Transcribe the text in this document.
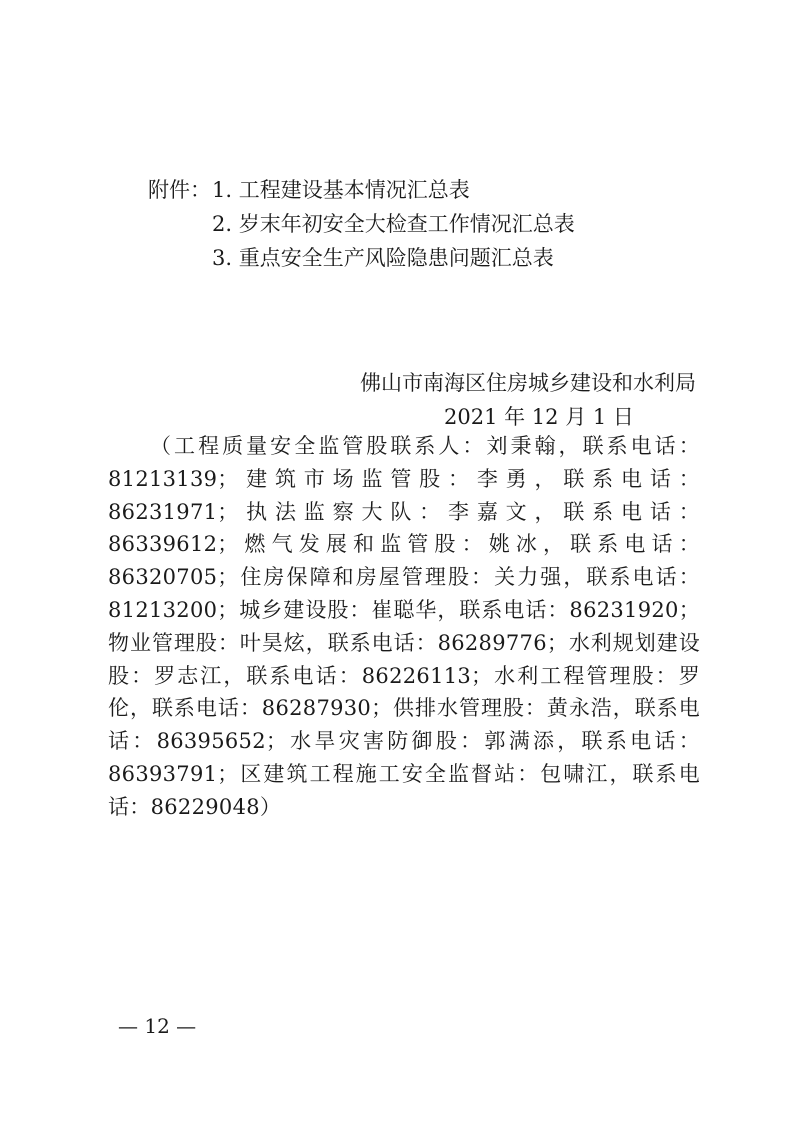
附件： 1. 工程建设基本情况汇总表
2. 岁末年初安全大检查工作情况汇总表
3. 重点安全生产风险隐患问题汇总表
佛山市南海区住房城乡建设和水利局
2021 年 12 月 1 日
（工程质量安全监管股联系人：刘秉翰，联系电话：81213139；建筑市场监管股：李勇，联系电话：86231971；执法监察大队：李嘉文，联系电话：86339612；燃气发展和监管股：姚冰，联系电话：86320705；住房保障和房屋管理股：关力强，联系电话：81213200；城乡建设股：崔聪华，联系电话：86231920；物业管理股：叶昊炫，联系电话：86289776；水利规划建设股：罗志江，联系电话：86226113；水利工程管理股：罗伦，联系电话：86287930；供排水管理股：黄永浩，联系电话：86395652；水旱灾害防御股：郭满添，联系电话：86393791；区建筑工程施工安全监督站：包啸江，联系电话：86229048）
— 12 —
